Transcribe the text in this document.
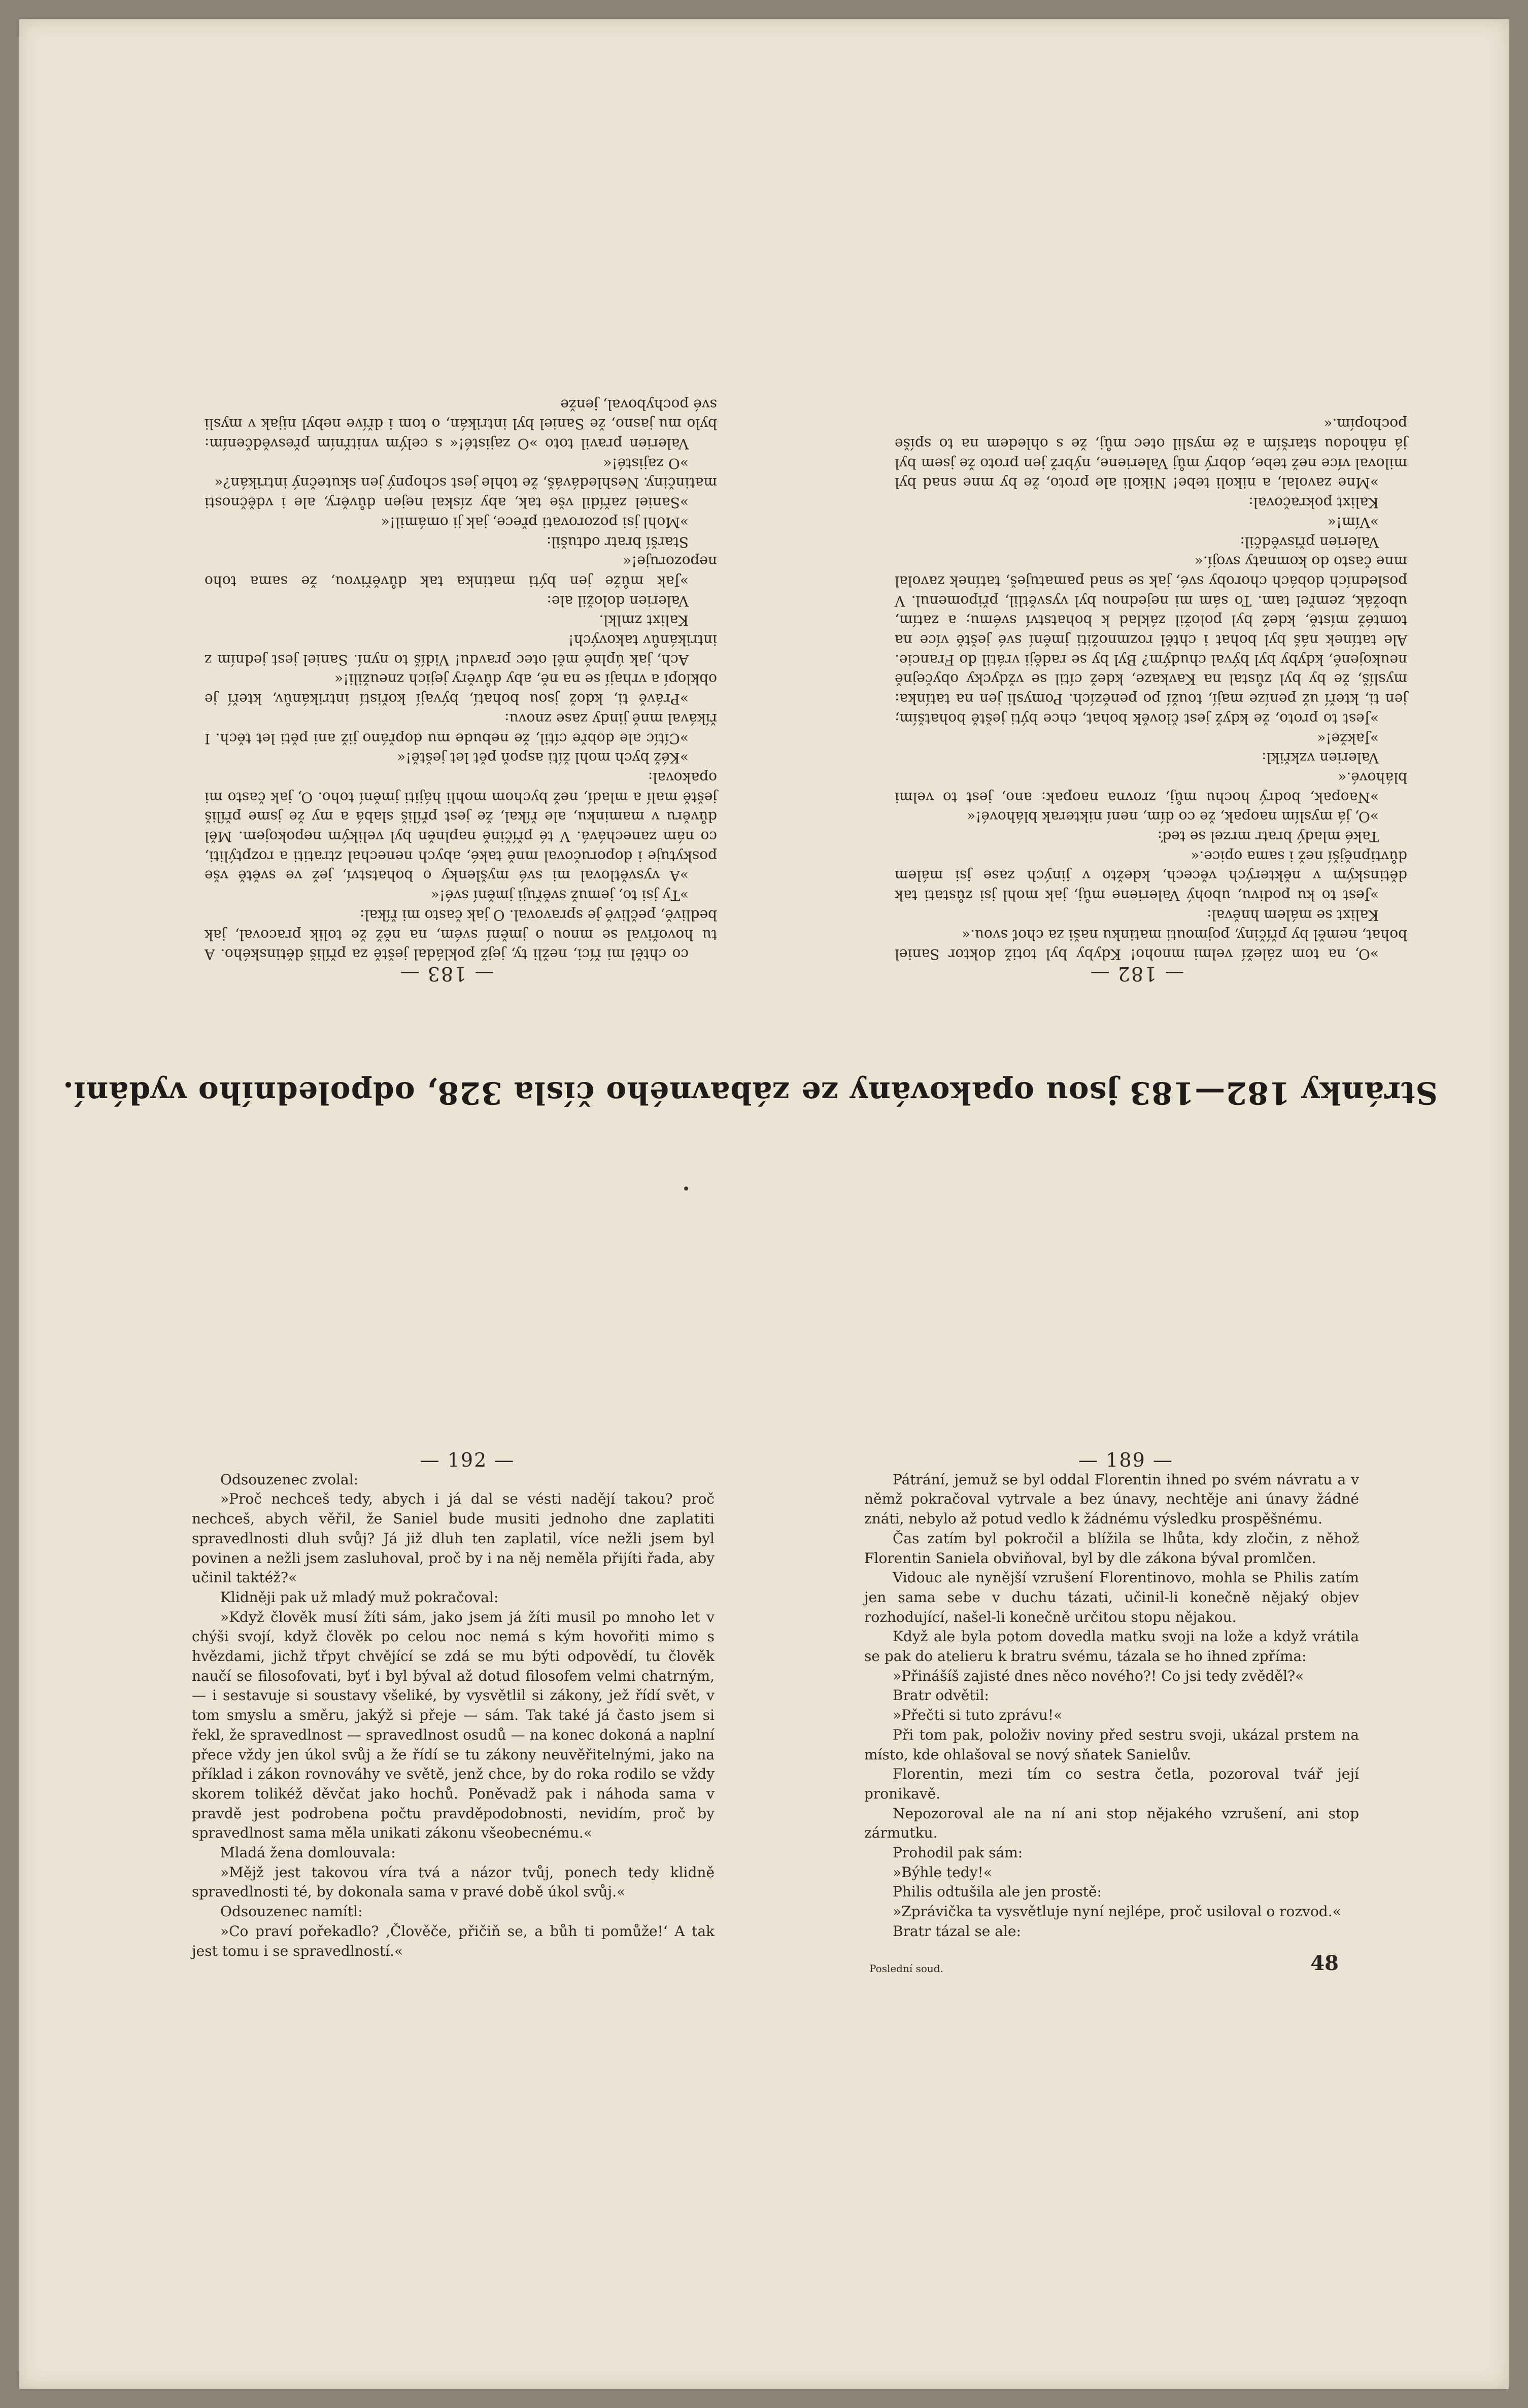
— 182 —

»O, na tom záleží velmi mnoho! Kdyby byl totiž doktor Saniel bohat, neměl by příčiny, pojmouti matinku naši za choť svou.«

Kalixt se málem hněval:

»Jest to ku podivu, ubohý Valeriene můj, jak mohl jsi zůstati tak dětinským v některých věcech, kdežto v jiných zase jsi málem důvtipnější než i sama opice.«

Také mladý bratr mrzel se teď:

»O, já myslím naopak, že co dím, není nikterak bláhové!«

»Naopak, bodrý hochu můj, zrovna naopak: ano, jest to velmi bláhové.«

Valerien vzkřikl:

»Jakže!«

»Jest to proto, že když jest člověk bohat, chce býti ještě bohatším; jen ti, kteří už peníze mají, touží po penězích. Pomysli jen na tatínka: myslíš, že by byl zůstal na Kavkaze, kdež cítil se vždycky obyčejně neukojeně, kdyby byl býval chudým? Byl by se raději vrátil do Francie. Ale tatínek náš byl bohat i chtěl rozmnožiti jmění své ještě více na tomtéž místě, kdež byl položil základ k bohatství svému; a zatím, ubožák, zemřel tam. To sám mi nejednou byl vysvětlil, připomenul. V posledních dobách choroby své, jak se snad pamatuješ, tatínek zavolal mne často do komnaty svojí.«

Valerien přisvědčil:

»Vím!«

Kalixt pokračoval:

»Mne zavolal, a nikoli tebe! Nikoli ale proto, že by mne snad byl miloval více než tebe, dobrý můj Valeriene, nýbrž jen proto že jsem byl já náhodou starším a že myslil otec můj, že s ohledem na to spíše pochopím.«

— 183 —

co chtěl mi říci, nežli ty, jejž pokládal ještě za příliš dětinského. A tu hovořival se mnou o jmění svém, na něž že tolik pracoval, jak bedlivě, pečlivě je spravoval. O jak často mi říkal:

»Ty jsi to, jemuž svěřuji jmění své!«

»A vysvětloval mi své myšlenky o bohatství, jež ve světě vše poskytuje i doporučoval mně také, abych nenechal ztratiti a rozptýliti, co nám zanechává. V té příčině naplněn byl velikým nepokojem. Měl důvěru v maminku, ale říkal, že jest příliš slabá a my že jsme příliš ještě malí a mladí, než bychom mohli hájiti jmění toho. O, jak často mi opakoval:

»Kéž bych mohl žíti aspoň pět let ještě!«

»Cítíc ale dobře cítil, že nebude mu dopřáno již ani pěti let těch. I říkával mně jindy zase znovu:

»Právě ti, kdož jsou bohatí, bývají kořistí intrikánův, kteří je obklopí a vrhají se na ně, aby důvěry jejich zneužili!«

Ach, jak úplně měl otec pravdu! Vidíš to nyní. Saniel jest jedním z intrikánův takových!

Kalixt zmlkl.

Valerien doložil ale:

»Jak může jen býti matinka tak důvěřivou, že sama toho nepozoruje!«

Starší bratr odtušil:

»Mohl jsi pozorovati přece, jak ji omámil!«

»Saniel zařídil vše tak, aby získal nejen důvěry, ale i vděčnosti matinčiny. Neshledáváš, že tohle jest schopný jen skutečný intrikán?«

»O zajisté!«

Valerien pravil toto »O zajisté!« s celým vnitřním přesvědčením: bylo mu jasno, že Saniel byl intrikán, o tom i dříve nebyl nijak v mysli své pochyboval, jenže

Stránky 182—183 jsou opakovány ze zábavného čísla 328, odpoledního vydání.

— 192 —

Odsouzenec zvolal:

»Proč nechceš tedy, abych i já dal se vésti nadějí takou? proč nechceš, abych věřil, že Saniel bude musiti jednoho dne zaplatiti spravedlnosti dluh svůj? Já již dluh ten zaplatil, více nežli jsem byl povinen a nežli jsem zasluhoval, proč by i na něj neměla přijíti řada, aby učinil taktéž?«

Klidněji pak už mladý muž pokračoval:

»Když člověk musí žíti sám, jako jsem já žíti musil po mnoho let v chýši svojí, když člověk po celou noc nemá s kým hovořiti mimo s hvězdami, jichž třpyt chvějící se zdá se mu býti odpovědí, tu člověk naučí se filosofovati, byť i byl býval až dotud filosofem velmi chatrným, — i sestavuje si soustavy všeliké, by vysvětlil si zákony, jež řídí svět, v tom smyslu a směru, jakýž si přeje — sám. Tak také já často jsem si řekl, že spravedlnost — spravedlnost osudů — na konec dokoná a naplní přece vždy jen úkol svůj a že řídí se tu zákony neuvěřitelnými, jako na příklad i zákon rovnováhy ve světě, jenž chce, by do roka rodilo se vždy skorem tolikéž děvčat jako hochů. Poněvadž pak i náhoda sama v pravdě jest podrobena počtu pravděpodobnosti, nevidím, proč by spravedlnost sama měla unikati zákonu všeobecnému.«

Mladá žena domlouvala:

»Mějž jest takovou víra tvá a názor tvůj, ponech tedy klidně spravedlnosti té, by dokonala sama v pravé době úkol svůj.«

Odsouzenec namítl:

»Co praví pořekadlo? ‚Člověče, přičiň se, a bůh ti pomůže!‘ A tak jest tomu i se spravedlností.«

— 189 —

Pátrání, jemuž se byl oddal Florentin ihned po svém návratu a v němž pokračoval vytrvale a bez únavy, nechtěje ani únavy žádné znáti, nebylo až potud vedlo k žádnému výsledku prospěšnému.

Čas zatím byl pokročil a blížila se lhůta, kdy zločin, z něhož Florentin Saniela obviňoval, byl by dle zákona býval promlčen.

Vidouc ale nynější vzrušení Florentinovo, mohla se Philis zatím jen sama sebe v duchu tázati, učinil-li konečně nějaký objev rozhodující, našel-li konečně určitou stopu nějakou.

Když ale byla potom dovedla matku svoji na lože a když vrátila se pak do atelieru k bratru svému, tázala se ho ihned zpříma:

»Přinášíš zajisté dnes něco nového?! Co jsi tedy zvěděl?«

Bratr odvětil:

»Přečti si tuto zprávu!«

Při tom pak, položiv noviny před sestru svoji, ukázal prstem na místo, kde ohlašoval se nový sňatek Sanielův.

Florentin, mezi tím co sestra četla, pozoroval tvář její pronikavě.

Nepozoroval ale na ní ani stop nějakého vzrušení, ani stop zármutku.

Prohodil pak sám:

»Býhle tedy!«

Philis odtušila ale jen prostě:

»Zprávička ta vysvětluje nyní nejlépe, proč usiloval o rozvod.«

Bratr tázal se ale:

Poslední soud.	48
